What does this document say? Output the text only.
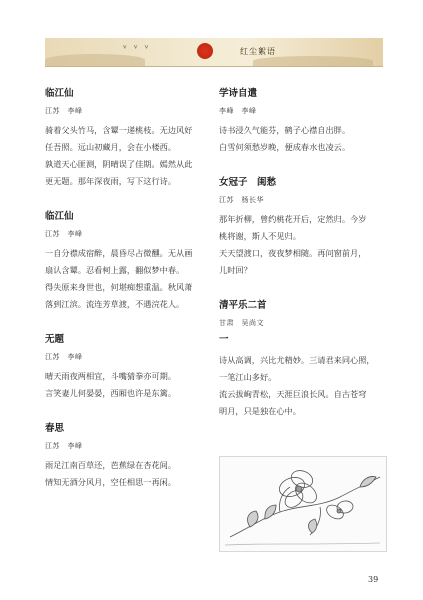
ᵛ ᵛ ᵛ	红尘絮语
临江仙
江苏　李峰

骑着父头竹马，含颦一递桃枝。无边风好

任吾照。远山初藏月，会在小楼西。

孰道天心匪测，阴晴误了佳期。嫣然从此

更无题。那年深夜雨，写下这行诗。

临江仙
江苏　李峰

一自分襟成宿醉，晨昏尽占微醺。无从画

扇认含颦。忍看柯上露，翻似梦中春。

得失原来身世也，何堪痴想重温。秋风萧

落到江滨。流连芳草渡，不遇浣花人。

无题
江苏　李峰

晴天雨夜两相宜，斗嘴猜拳亦可期。

言笑妻儿何晏晏，西厢也许是东篱。

春思
江苏　李峰

雨足江南百草还，芭蕉绿在杏花间。

情知无酒分风月，空任相思一再闲。

学诗自遣
李峰　李峰

诗书浸久气能芬，鹤子心襟自出胖。

白雪何须愁岁晚，便成春水也凌云。

女冠子　闺愁
江苏　杨长华

那年折柳，曾约桃花开后，定然归。今岁

桃将谢，斯人不见归。

天天望渡口，夜夜梦相随。再问窗前月，

儿时回？

清平乐二首
甘肃　吴尚文
一

诗从高调，兴比尤精妙。三请君来同心照，

一笔江山多好。

流云拔峋青松，天涯巨浪长风。自古苍穹

明月，只是独在心中。

39
